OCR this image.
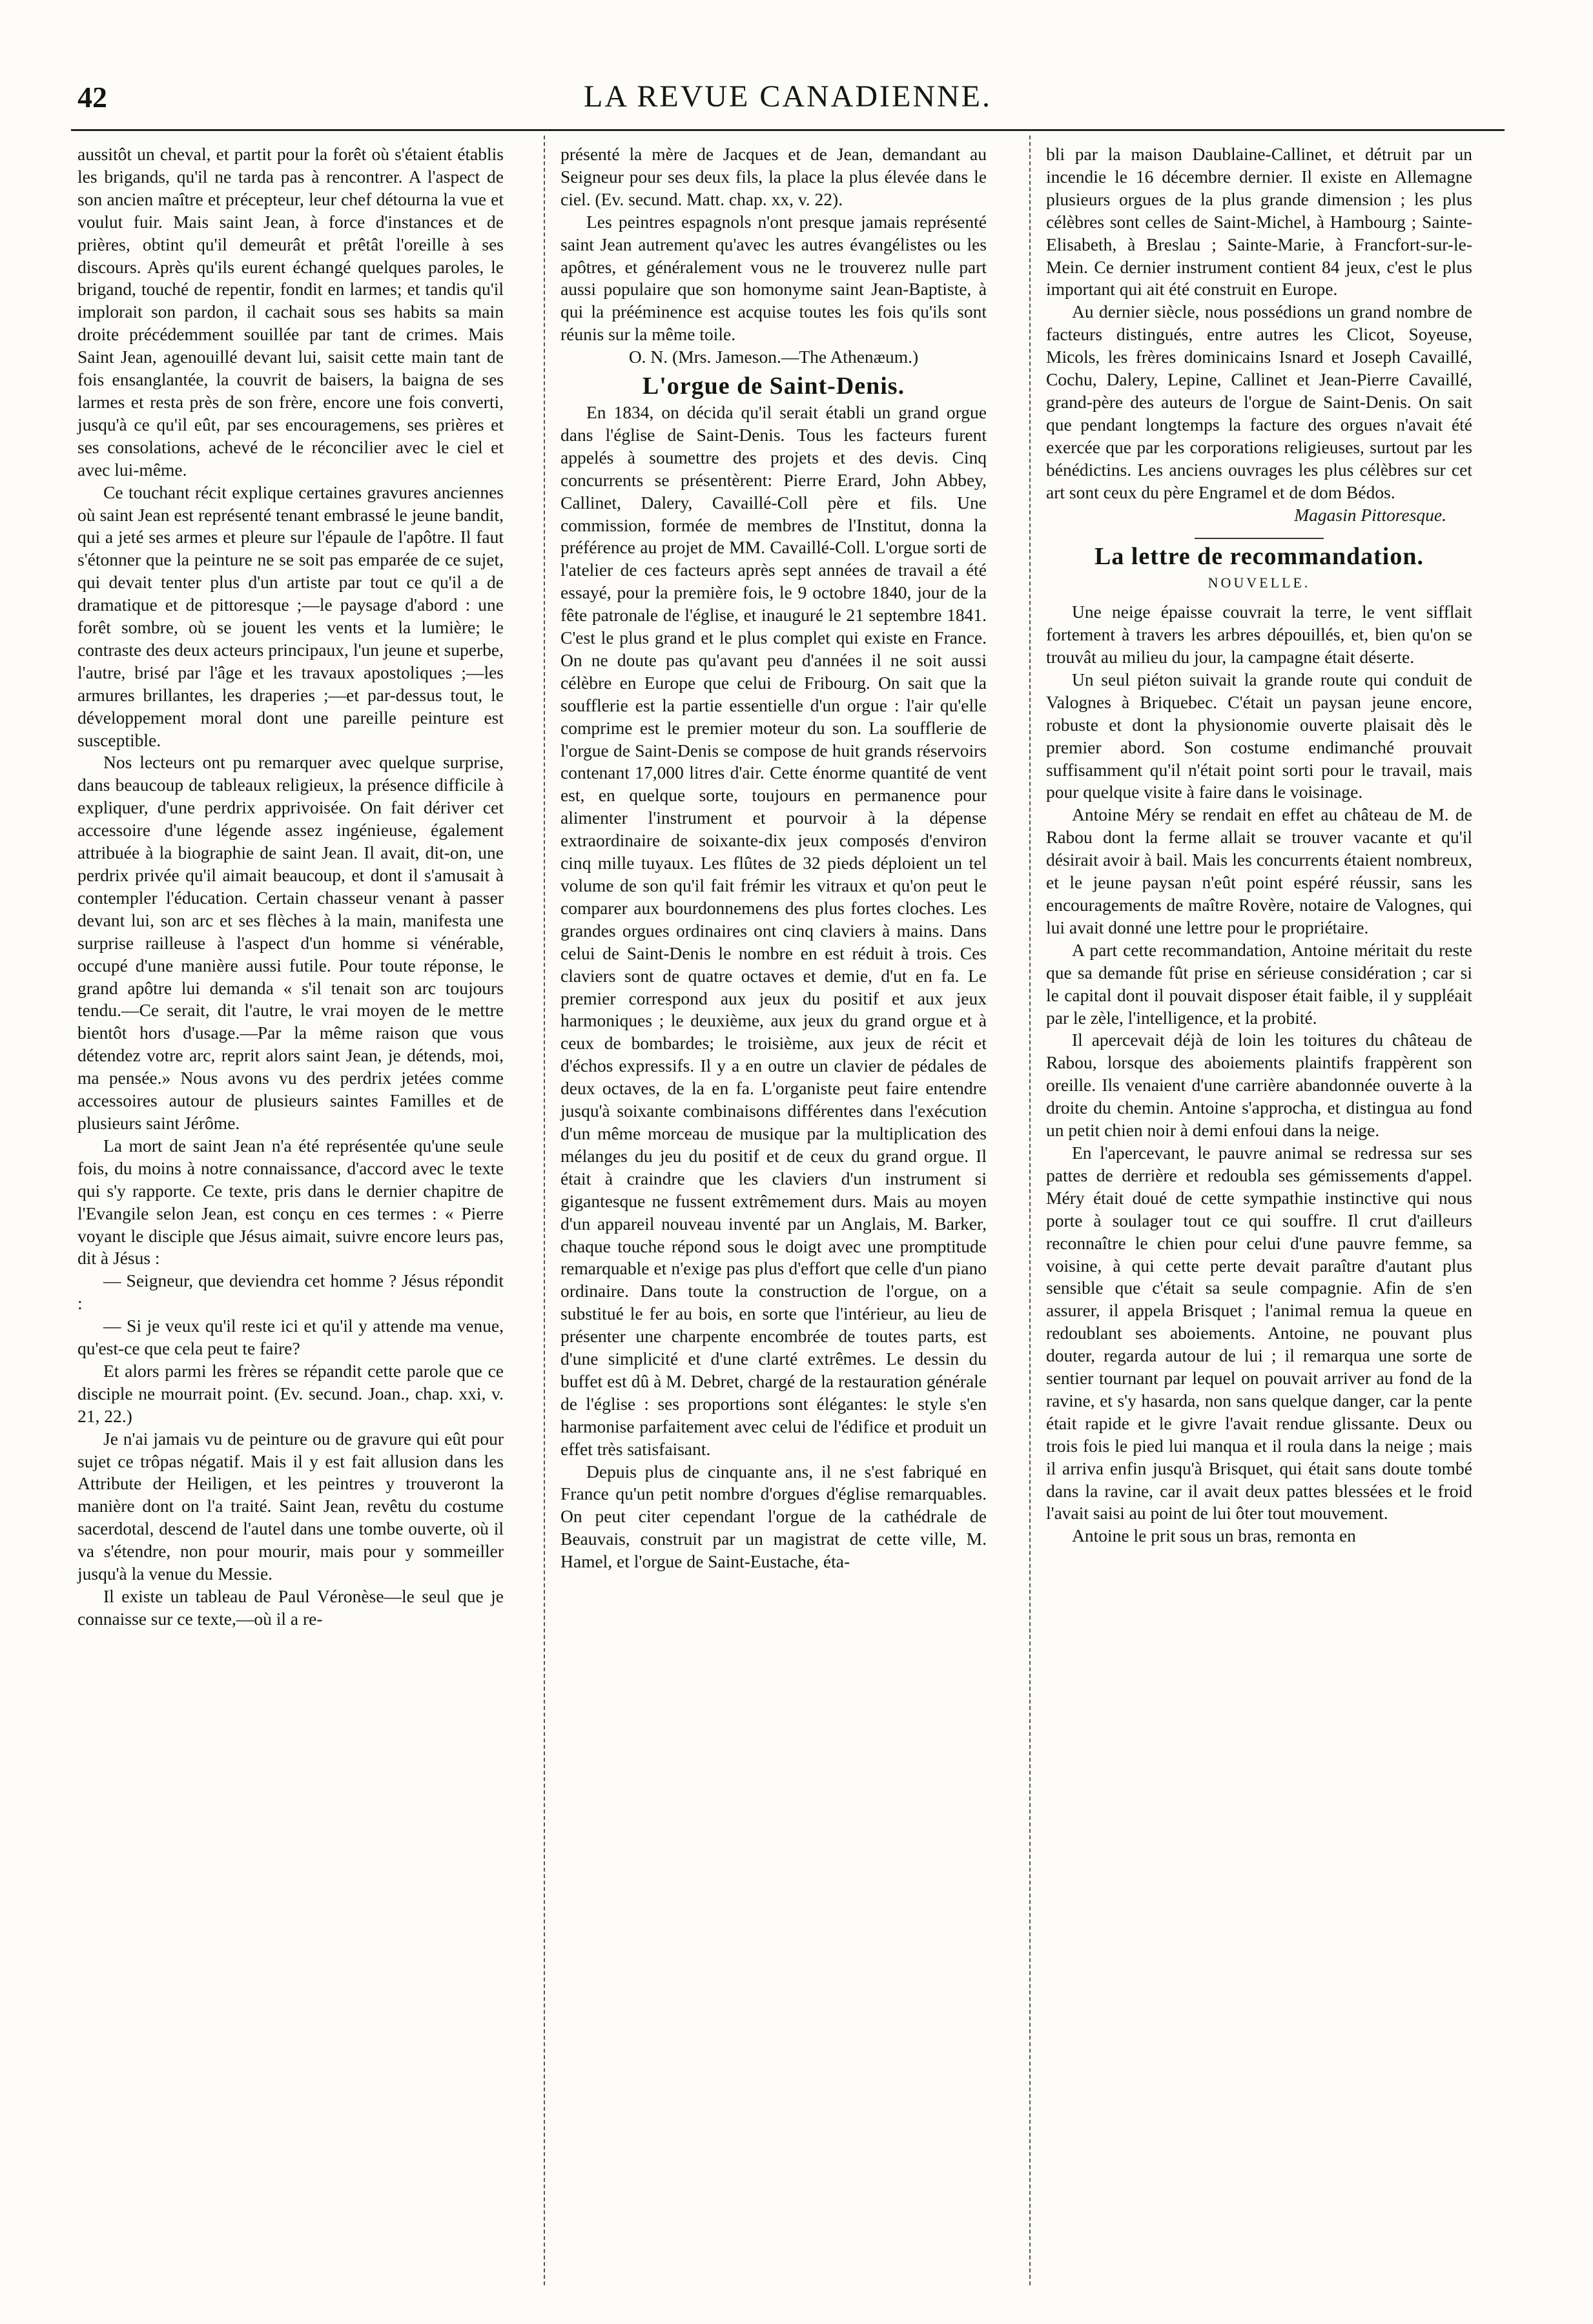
42	LA REVUE CANADIENNE.

aussitôt un cheval, et partit pour la forêt où s'étaient établis les brigands, qu'il ne tarda pas à rencontrer. A l'aspect de son ancien maître et précepteur, leur chef détourna la vue et voulut fuir. Mais saint Jean, à force d'instances et de prières, obtint qu'il demeurât et prêtât l'oreille à ses discours. Après qu'ils eurent échangé quelques paroles, le brigand, touché de repentir, fondit en larmes; et tandis qu'il implorait son pardon, il cachait sous ses habits sa main droite précédemment souillée par tant de crimes. Mais Saint Jean, agenouillé devant lui, saisit cette main tant de fois ensanglantée, la couvrit de baisers, la baigna de ses larmes et resta près de son frère, encore une fois converti, jusqu'à ce qu'il eût, par ses encouragemens, ses prières et ses consolations, achevé de le réconcilier avec le ciel et avec lui-même.

Ce touchant récit explique certaines gravures anciennes où saint Jean est représenté tenant embrassé le jeune bandit, qui a jeté ses armes et pleure sur l'épaule de l'apôtre. Il faut s'étonner que la peinture ne se soit pas emparée de ce sujet, qui devait tenter plus d'un artiste par tout ce qu'il a de dramatique et de pittoresque ;—le paysage d'abord : une forêt sombre, où se jouent les vents et la lumière; le contraste des deux acteurs principaux, l'un jeune et superbe, l'autre, brisé par l'âge et les travaux apostoliques ;—les armures brillantes, les draperies ;—et par-dessus tout, le développement moral dont une pareille peinture est susceptible.

Nos lecteurs ont pu remarquer avec quelque surprise, dans beaucoup de tableaux religieux, la présence difficile à expliquer, d'une perdrix apprivoisée. On fait dériver cet accessoire d'une légende assez ingénieuse, également attribuée à la biographie de saint Jean. Il avait, dit-on, une perdrix privée qu'il aimait beaucoup, et dont il s'amusait à contempler l'éducation. Certain chasseur venant à passer devant lui, son arc et ses flèches à la main, manifesta une surprise railleuse à l'aspect d'un homme si vénérable, occupé d'une manière aussi futile. Pour toute réponse, le grand apôtre lui demanda « s'il tenait son arc toujours tendu.—Ce serait, dit l'autre, le vrai moyen de le mettre bientôt hors d'usage.—Par la même raison que vous détendez votre arc, reprit alors saint Jean, je détends, moi, ma pensée.» Nous avons vu des perdrix jetées comme accessoires autour de plusieurs saintes Familles et de plusieurs saint Jérôme.

La mort de saint Jean n'a été représentée qu'une seule fois, du moins à notre connaissance, d'accord avec le texte qui s'y rapporte. Ce texte, pris dans le dernier chapitre de l'Evangile selon Jean, est conçu en ces termes : « Pierre voyant le disciple que Jésus aimait, suivre encore leurs pas, dit à Jésus :

— Seigneur, que deviendra cet homme ? Jésus répondit :

— Si je veux qu'il reste ici et qu'il y attende ma venue, qu'est-ce que cela peut te faire?

Et alors parmi les frères se répandit cette parole que ce disciple ne mourrait point. (Ev. secund. Joan., chap. xxi, v. 21, 22.)

Je n'ai jamais vu de peinture ou de gravure qui eût pour sujet ce trôpas négatif. Mais il y est fait allusion dans les Attribute der Heiligen, et les peintres y trouveront la manière dont on l'a traité. Saint Jean, revêtu du costume sacerdotal, descend de l'autel dans une tombe ouverte, où il va s'étendre, non pour mourir, mais pour y sommeiller jusqu'à la venue du Messie.

Il existe un tableau de Paul Véronèse—le seul que je connaisse sur ce texte,—où il a re-

présenté la mère de Jacques et de Jean, demandant au Seigneur pour ses deux fils, la place la plus élevée dans le ciel. (Ev. secund. Matt. chap. xx, v. 22).

Les peintres espagnols n'ont presque jamais représenté saint Jean autrement qu'avec les autres évangélistes ou les apôtres, et généralement vous ne le trouverez nulle part aussi populaire que son homonyme saint Jean-Baptiste, à qui la prééminence est acquise toutes les fois qu'ils sont réunis sur la même toile.

O. N. (Mrs. Jameson.—The Athenæum.)

L'orgue de Saint-Denis.

En 1834, on décida qu'il serait établi un grand orgue dans l'église de Saint-Denis. Tous les facteurs furent appelés à soumettre des projets et des devis. Cinq concurrents se présentèrent: Pierre Erard, John Abbey, Callinet, Dalery, Cavaillé-Coll père et fils. Une commission, formée de membres de l'Institut, donna la préférence au projet de MM. Cavaillé-Coll. L'orgue sorti de l'atelier de ces facteurs après sept années de travail a été essayé, pour la première fois, le 9 octobre 1840, jour de la fête patronale de l'église, et inauguré le 21 septembre 1841. C'est le plus grand et le plus complet qui existe en France. On ne doute pas qu'avant peu d'années il ne soit aussi célèbre en Europe que celui de Fribourg. On sait que la soufflerie est la partie essentielle d'un orgue : l'air qu'elle comprime est le premier moteur du son. La soufflerie de l'orgue de Saint-Denis se compose de huit grands réservoirs contenant 17,000 litres d'air. Cette énorme quantité de vent est, en quelque sorte, toujours en permanence pour alimenter l'instrument et pourvoir à la dépense extraordinaire de soixante-dix jeux composés d'environ cinq mille tuyaux. Les flûtes de 32 pieds déploient un tel volume de son qu'il fait frémir les vitraux et qu'on peut le comparer aux bourdonnemens des plus fortes cloches. Les grandes orgues ordinaires ont cinq claviers à mains. Dans celui de Saint-Denis le nombre en est réduit à trois. Ces claviers sont de quatre octaves et demie, d'ut en fa. Le premier correspond aux jeux du positif et aux jeux harmoniques ; le deuxième, aux jeux du grand orgue et à ceux de bombardes; le troisième, aux jeux de récit et d'échos expressifs. Il y a en outre un clavier de pédales de deux octaves, de la en fa. L'organiste peut faire entendre jusqu'à soixante combinaisons différentes dans l'exécution d'un même morceau de musique par la multiplication des mélanges du jeu du positif et de ceux du grand orgue. Il était à craindre que les claviers d'un instrument si gigantesque ne fussent extrêmement durs. Mais au moyen d'un appareil nouveau inventé par un Anglais, M. Barker, chaque touche répond sous le doigt avec une promptitude remarquable et n'exige pas plus d'effort que celle d'un piano ordinaire. Dans toute la construction de l'orgue, on a substitué le fer au bois, en sorte que l'intérieur, au lieu de présenter une charpente encombrée de toutes parts, est d'une simplicité et d'une clarté extrêmes. Le dessin du buffet est dû à M. Debret, chargé de la restauration générale de l'église : ses proportions sont élégantes: le style s'en harmonise parfaitement avec celui de l'édifice et produit un effet très satisfaisant.

Depuis plus de cinquante ans, il ne s'est fabriqué en France qu'un petit nombre d'orgues d'église remarquables. On peut citer cependant l'orgue de la cathédrale de Beauvais, construit par un magistrat de cette ville, M. Hamel, et l'orgue de Saint-Eustache, éta-

bli par la maison Daublaine-Callinet, et détruit par un incendie le 16 décembre dernier. Il existe en Allemagne plusieurs orgues de la plus grande dimension ; les plus célèbres sont celles de Saint-Michel, à Hambourg ; Sainte-Elisabeth, à Breslau ; Sainte-Marie, à Francfort-sur-le-Mein. Ce dernier instrument contient 84 jeux, c'est le plus important qui ait été construit en Europe.

Au dernier siècle, nous possédions un grand nombre de facteurs distingués, entre autres les Clicot, Soyeuse, Micols, les frères dominicains Isnard et Joseph Cavaillé, Cochu, Dalery, Lepine, Callinet et Jean-Pierre Cavaillé, grand-père des auteurs de l'orgue de Saint-Denis. On sait que pendant longtemps la facture des orgues n'avait été exercée que par les corporations religieuses, surtout par les bénédictins. Les anciens ouvrages les plus célèbres sur cet art sont ceux du père Engramel et de dom Bédos.

Magasin Pittoresque.

La lettre de recommandation.
NOUVELLE.

Une neige épaisse couvrait la terre, le vent sifflait fortement à travers les arbres dépouillés, et, bien qu'on se trouvât au milieu du jour, la campagne était déserte.

Un seul piéton suivait la grande route qui conduit de Valognes à Briquebec. C'était un paysan jeune encore, robuste et dont la physionomie ouverte plaisait dès le premier abord. Son costume endimanché prouvait suffisamment qu'il n'était point sorti pour le travail, mais pour quelque visite à faire dans le voisinage.

Antoine Méry se rendait en effet au château de M. de Rabou dont la ferme allait se trouver vacante et qu'il désirait avoir à bail. Mais les concurrents étaient nombreux, et le jeune paysan n'eût point espéré réussir, sans les encouragements de maître Rovère, notaire de Valognes, qui lui avait donné une lettre pour le propriétaire.

A part cette recommandation, Antoine méritait du reste que sa demande fût prise en sérieuse considération ; car si le capital dont il pouvait disposer était faible, il y suppléait par le zèle, l'intelligence, et la probité.

Il apercevait déjà de loin les toitures du château de Rabou, lorsque des aboiements plaintifs frappèrent son oreille. Ils venaient d'une carrière abandonnée ouverte à la droite du chemin. Antoine s'approcha, et distingua au fond un petit chien noir à demi enfoui dans la neige.

En l'apercevant, le pauvre animal se redressa sur ses pattes de derrière et redoubla ses gémissements d'appel. Méry était doué de cette sympathie instinctive qui nous porte à soulager tout ce qui souffre. Il crut d'ailleurs reconnaître le chien pour celui d'une pauvre femme, sa voisine, à qui cette perte devait paraître d'autant plus sensible que c'était sa seule compagnie. Afin de s'en assurer, il appela Brisquet ; l'animal remua la queue en redoublant ses aboiements. Antoine, ne pouvant plus douter, regarda autour de lui ; il remarqua une sorte de sentier tournant par lequel on pouvait arriver au fond de la ravine, et s'y hasarda, non sans quelque danger, car la pente était rapide et le givre l'avait rendue glissante. Deux ou trois fois le pied lui manqua et il roula dans la neige ; mais il arriva enfin jusqu'à Brisquet, qui était sans doute tombé dans la ravine, car il avait deux pattes blessées et le froid l'avait saisi au point de lui ôter tout mouvement.

Antoine le prit sous un bras, remonta en
